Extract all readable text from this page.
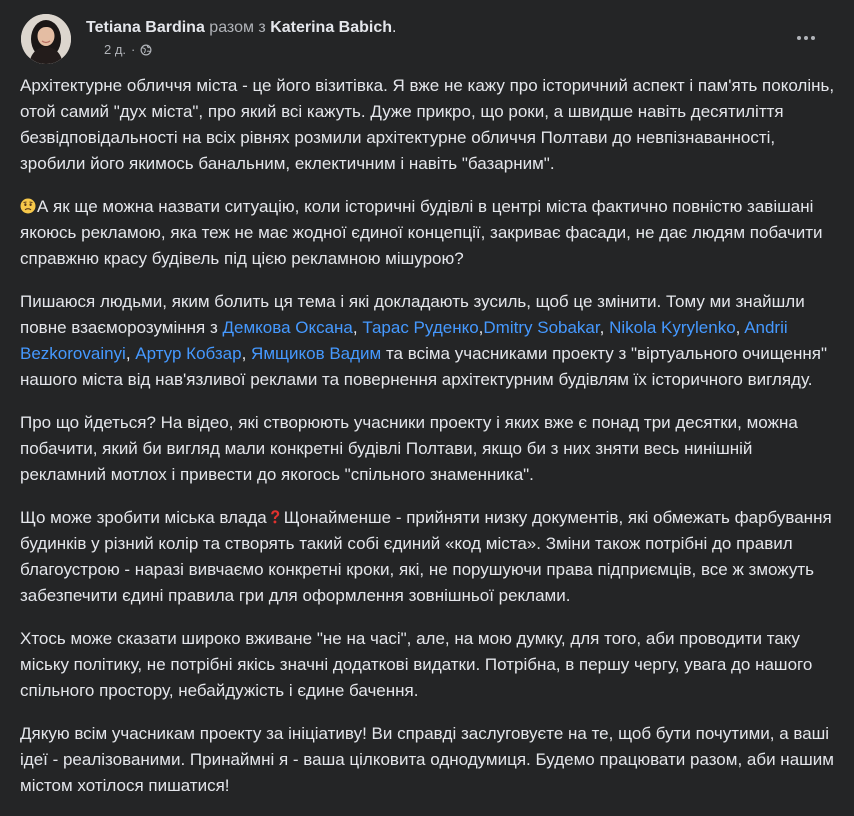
Tetiana Bardina разом з Katerina Babich.
2 д. ·

Архітектурне обличчя міста - це його візитівка. Я вже не кажу про історичний аспект і пам'ять поколінь, отой самий "дух міста", про який всі кажуть. Дуже прикро, що роки, а швидше навіть десятиліття безвідповідальності на всіх рівнях розмили архітектурне обличчя Полтави до невпізнаванності, зробили його якимось банальним, еклектичним і навіть "базарним".

А як ще можна назвати ситуацію, коли історичні будівлі в центрі міста фактично повністю завішані якоюсь рекламою, яка теж не має жодної єдиної концепції, закриває фасади, не дає людям побачити справжню красу будівель під цією рекламною мішурою?

Пишаюся людьми, яким болить ця тема і які докладають зусиль, щоб це змінити. Тому ми знайшли повне взаєморозуміння з Демкова Оксана, Тарас Руденко,Dmitry Sobakar, Nikola Kyrylenko, Andrii Bezkorovainyi, Артур Кобзар, Ямщиков Вадим та всіма учасниками проекту з "віртуального очищення" нашого міста від нав'язливої реклами та повернення архітектурним будівлям їх історичного вигляду.

Про що йдеться? На відео, які створюють учасники проекту і яких вже є понад три десятки, можна побачити, який би вигляд мали конкретні будівлі Полтави, якщо би з них зняти весь нинішній рекламний мотлох і привести до якогось "спільного знаменника".

Що може зробити міська влада Щонайменше - прийняти низку документів, які обмежать фарбування будинків у різний колір та створять такий собі єдиний «код міста». Зміни також потрібні до правил благоустрою - наразі вивчаємо конкретні кроки, які, не порушуючи права підприємців, все ж зможуть забезпечити єдині правила гри для оформлення зовнішньої реклами.

Хтось може сказати широко вживане "не на часі", але, на мою думку, для того, аби проводити таку міську політику, не потрібні якісь значні додаткові видатки. Потрібна, в першу чергу, увага до нашого спільного простору, небайдужість і єдине бачення.

Дякую всім учасникам проекту за ініціативу! Ви справді заслуговуєте на те, щоб бути почутими, а ваші ідеї - реалізованими. Принаймні я - ваша цілковита однодумиця. Будемо працювати разом, аби нашим містом хотілося пишатися!
